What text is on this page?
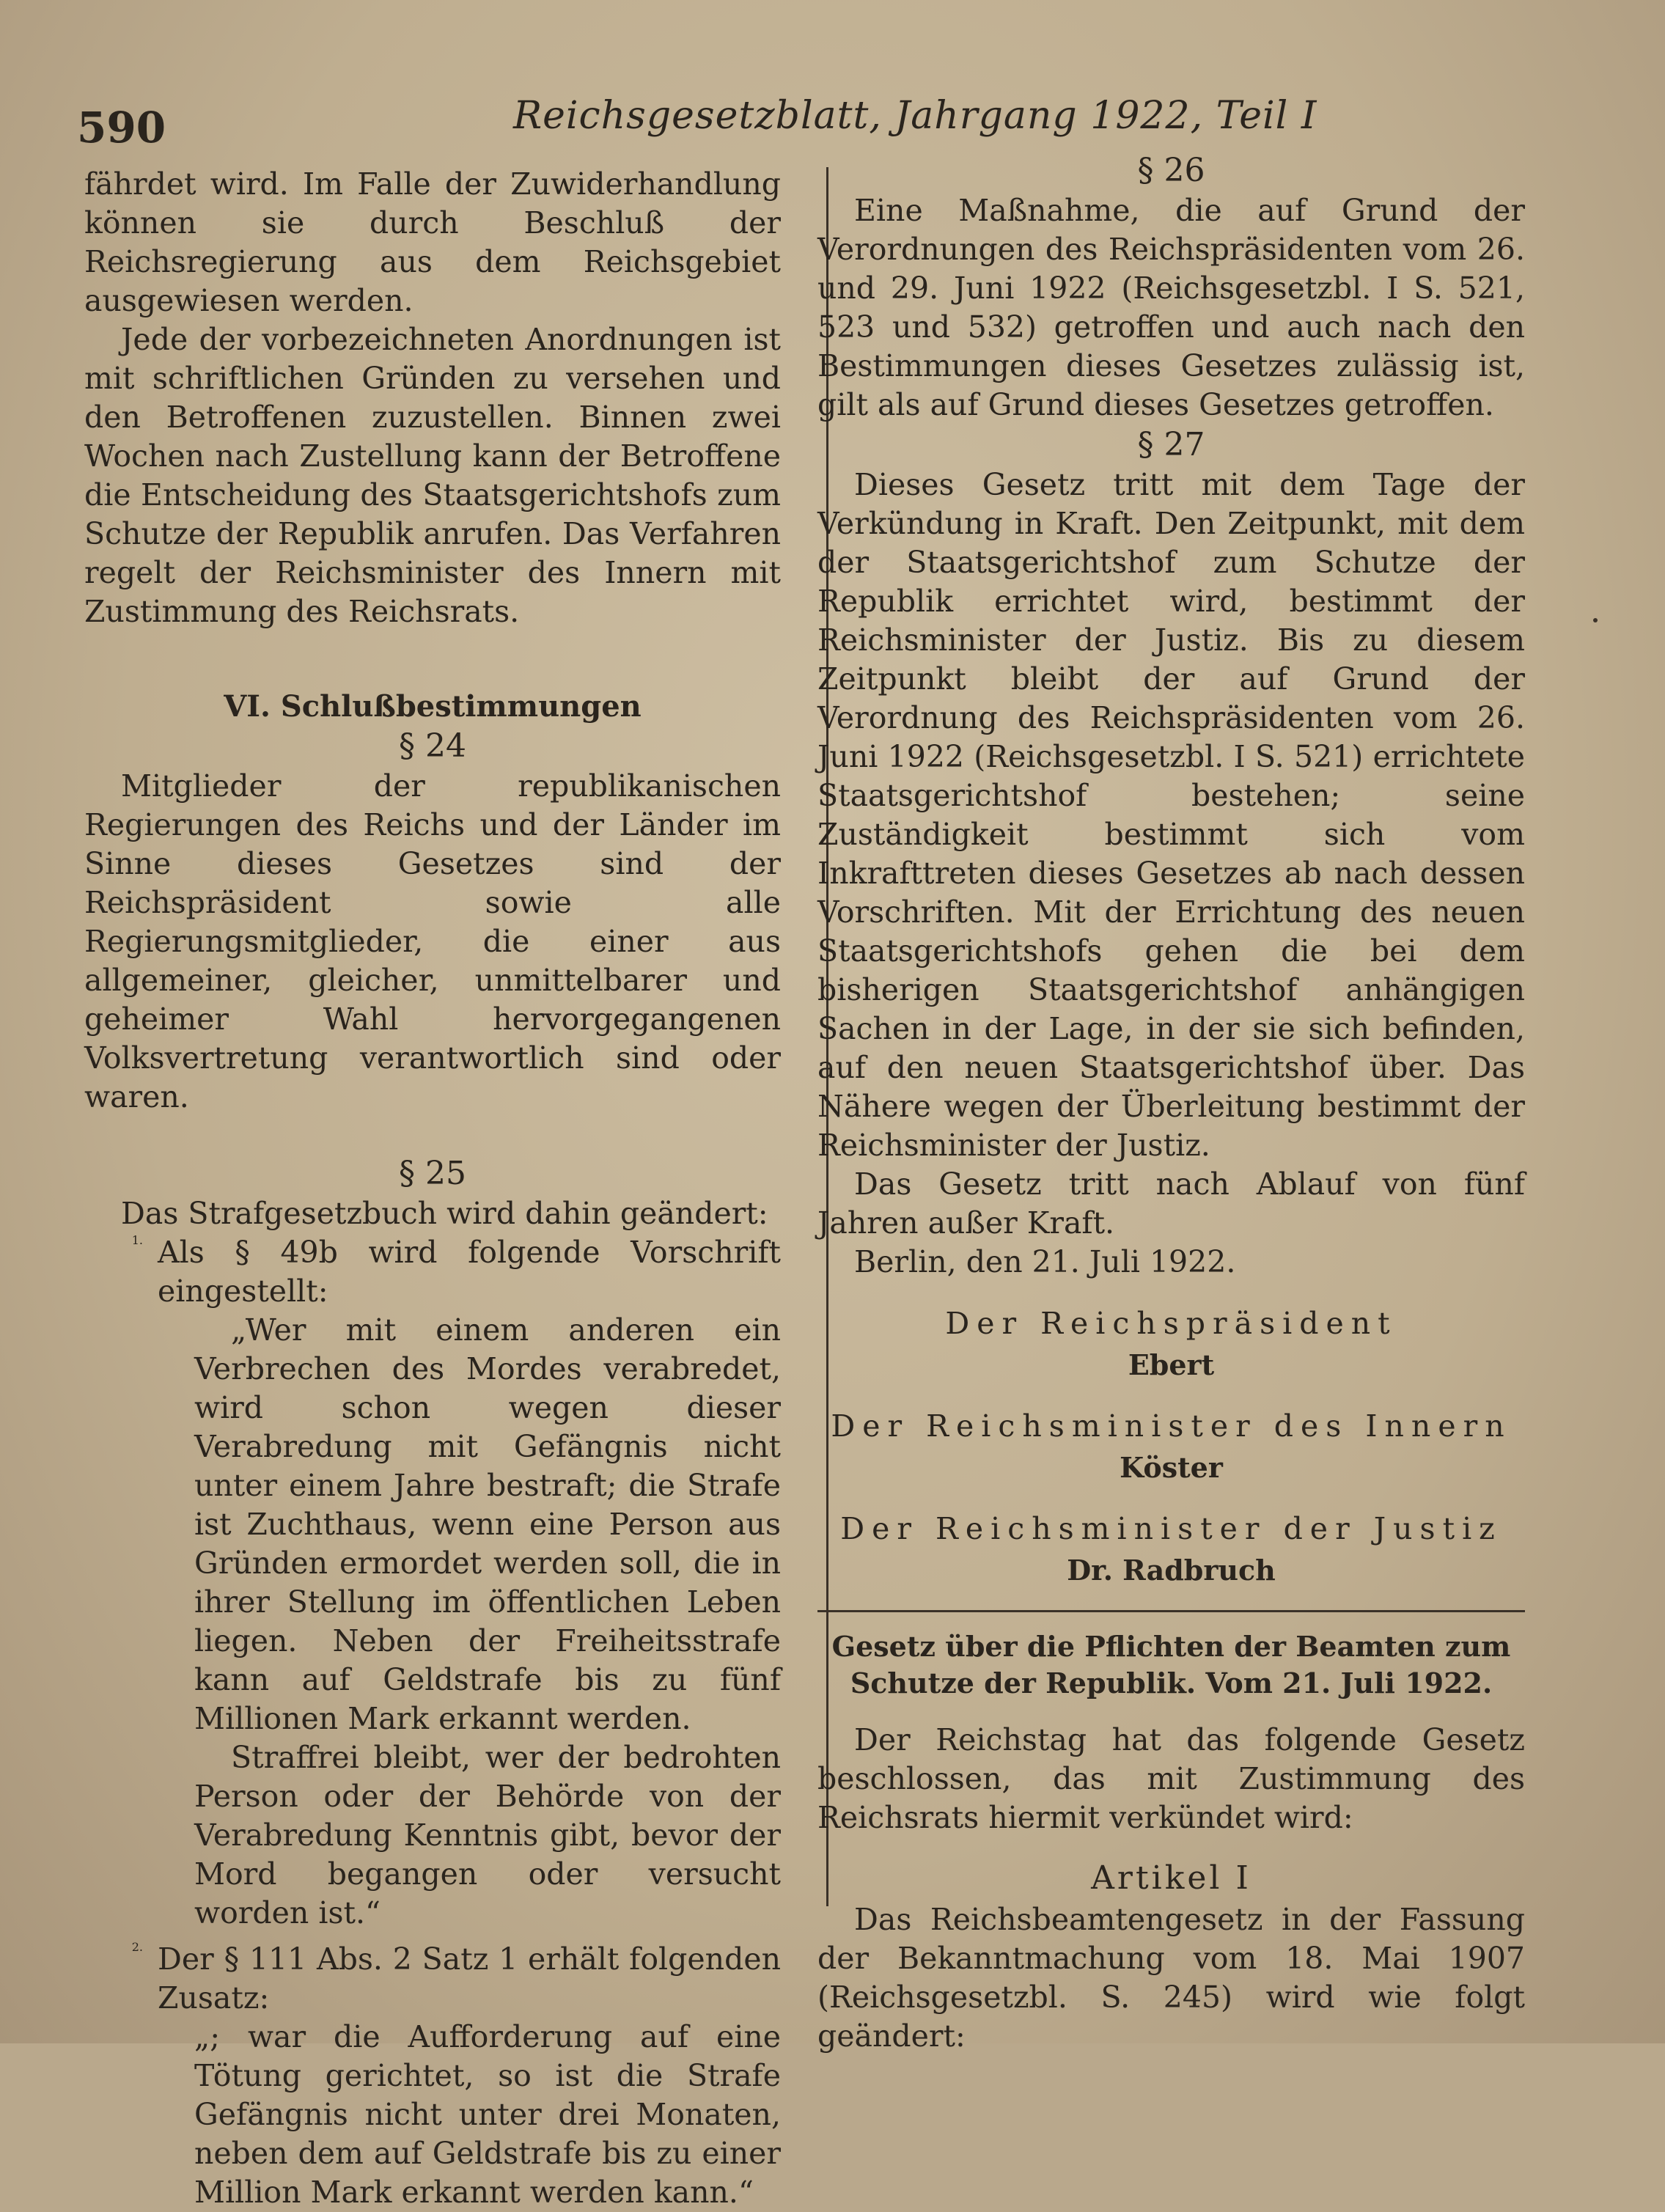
590	Reichsgesetzblatt, Jahrgang 1922, Teil I

fährdet wird. Im Falle der Zuwiderhandlung können sie durch Beschluß der Reichsregierung aus dem Reichsgebiet ausgewiesen werden.

Jede der vorbezeichneten Anordnungen ist mit schriftlichen Gründen zu versehen und den Betroffenen zuzustellen. Binnen zwei Wochen nach Zustellung kann der Betroffene die Entscheidung des Staatsgerichtshofs zum Schutze der Republik anrufen. Das Verfahren regelt der Reichsminister des Innern mit Zustimmung des Reichsrats.

VI. Schlußbestimmungen

§ 24

Mitglieder der republikanischen Regierungen des Reichs und der Länder im Sinne dieses Gesetzes sind der Reichspräsident sowie alle Regierungsmitglieder, die einer aus allgemeiner, gleicher, unmittelbarer und geheimer Wahl hervorgegangenen Volksvertretung verantwortlich sind oder waren.

§ 25

Das Strafgesetzbuch wird dahin geändert:

1. Als § 49b wird folgende Vorschrift eingestellt:

„Wer mit einem anderen ein Verbrechen des Mordes verabredet, wird schon wegen dieser Verabredung mit Gefängnis nicht unter einem Jahre bestraft; die Strafe ist Zuchthaus, wenn eine Person aus Gründen ermordet werden soll, die in ihrer Stellung im öffentlichen Leben liegen. Neben der Freiheitsstrafe kann auf Geldstrafe bis zu fünf Millionen Mark erkannt werden.

Straffrei bleibt, wer der bedrohten Person oder der Behörde von der Verabredung Kenntnis gibt, bevor der Mord begangen oder versucht worden ist.“

2. Der § 111 Abs. 2 Satz 1 erhält folgenden Zusatz:

„; war die Aufforderung auf eine Tötung gerichtet, so ist die Strafe Gefängnis nicht unter drei Monaten, neben dem auf Geldstrafe bis zu einer Million Mark erkannt werden kann.“

§ 26

Eine Maßnahme, die auf Grund der Verordnungen des Reichspräsidenten vom 26. und 29. Juni 1922 (Reichsgesetzbl. I S. 521, 523 und 532) getroffen und auch nach den Bestimmungen dieses Gesetzes zulässig ist, gilt als auf Grund dieses Gesetzes getroffen.

§ 27

Dieses Gesetz tritt mit dem Tage der Verkündung in Kraft. Den Zeitpunkt, mit dem der Staatsgerichtshof zum Schutze der Republik errichtet wird, bestimmt der Reichsminister der Justiz. Bis zu diesem Zeitpunkt bleibt der auf Grund der Verordnung des Reichspräsidenten vom 26. Juni 1922 (Reichsgesetzbl. I S. 521) errichtete Staatsgerichtshof bestehen; seine Zuständigkeit bestimmt sich vom Inkrafttreten dieses Gesetzes ab nach dessen Vorschriften. Mit der Errichtung des neuen Staatsgerichtshofs gehen die bei dem bisherigen Staatsgerichtshof anhängigen Sachen in der Lage, in der sie sich befinden, auf den neuen Staatsgerichtshof über. Das Nähere wegen der Überleitung bestimmt der Reichsminister der Justiz.

Das Gesetz tritt nach Ablauf von fünf Jahren außer Kraft.

Berlin, den 21. Juli 1922.

Der Reichspräsident

Ebert

Der Reichsminister des Innern

Köster

Der Reichsminister der Justiz

Dr. Radbruch

Gesetz über die Pflichten der Beamten zum Schutze der Republik. Vom 21. Juli 1922.

Der Reichstag hat das folgende Gesetz beschlossen, das mit Zustimmung des Reichsrats hiermit verkündet wird:

Artikel I

Das Reichsbeamtengesetz in der Fassung der Bekanntmachung vom 18. Mai 1907 (Reichsgesetzbl. S. 245) wird wie folgt geändert:
